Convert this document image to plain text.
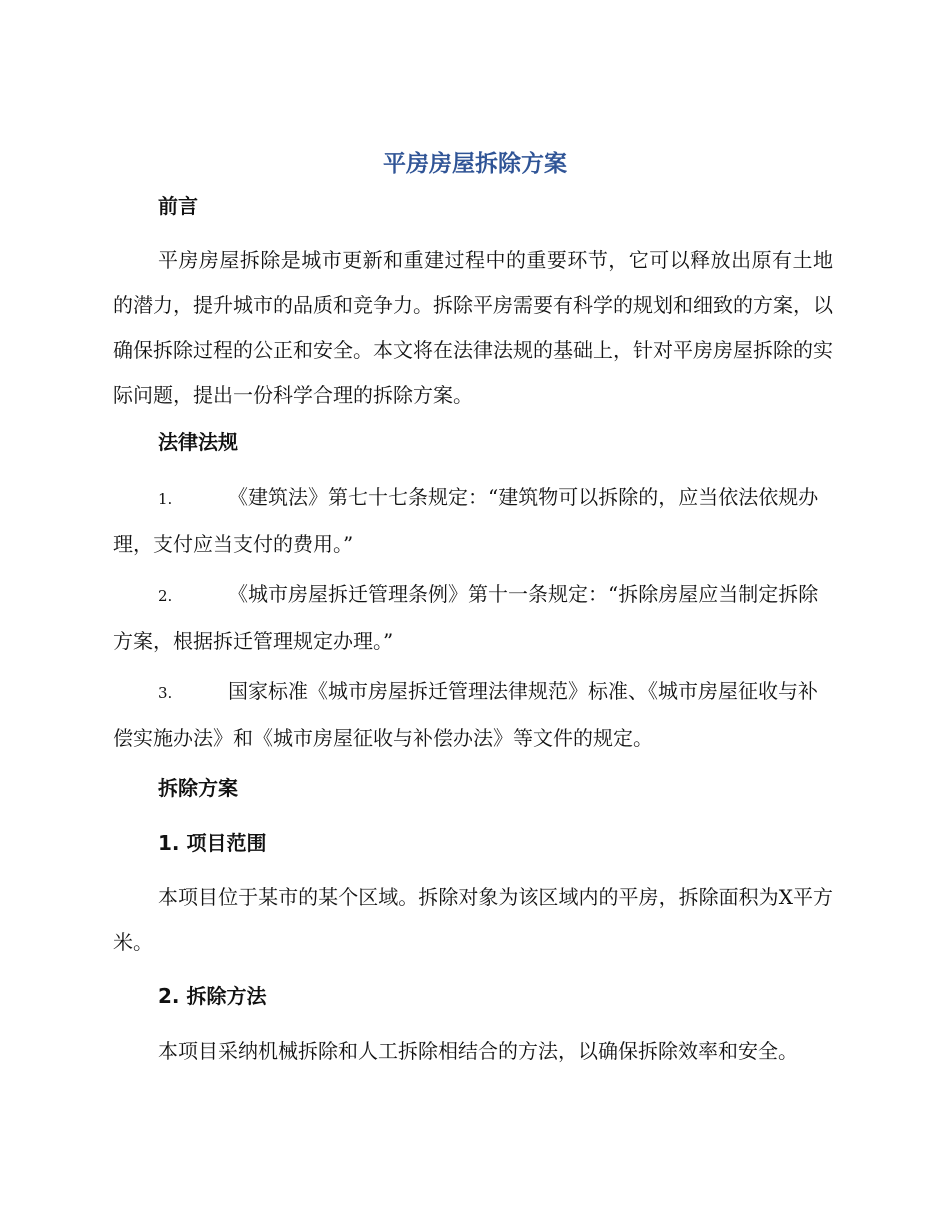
平房房屋拆除方案
前言

平房房屋拆除是城市更新和重建过程中的重要环节，它可以释放出原有土地的潜力，提升城市的品质和竞争力。拆除平房需要有科学的规划和细致的方案，以确保拆除过程的公正和安全。本文将在法律法规的基础上，针对平房房屋拆除的实际问题，提出一份科学合理的拆除方案。

法律法规

1.	《建筑法》第七十七条规定：“建筑物可以拆除的，应当依法依规办理，支付应当支付的费用。”

2.	《城市房屋拆迁管理条例》第十一条规定：“拆除房屋应当制定拆除方案，根据拆迁管理规定办理。”

3.	国家标准《城市房屋拆迁管理法律规范》标准、《城市房屋征收与补偿实施办法》和《城市房屋征收与补偿办法》等文件的规定。

拆除方案
1. 项目范围

本项目位于某市的某个区域。拆除对象为该区域内的平房，拆除面积为X平方米。

2. 拆除方法

本项目采纳机械拆除和人工拆除相结合的方法，以确保拆除效率和安全。
